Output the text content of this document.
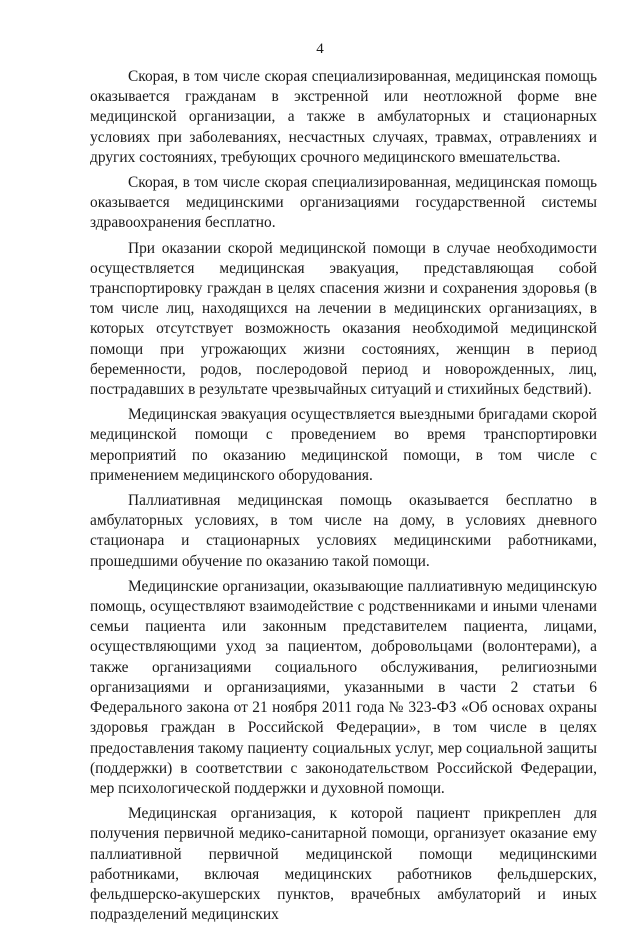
4

Скорая, в том числе скорая специализированная, медицинская помощь оказывается гражданам в экстренной или неотложной форме вне медицинской организации, а также в амбулаторных и стационарных условиях при заболеваниях, несчастных случаях, травмах, отравлениях и других состояниях, требующих срочного медицинского вмешательства.

Скорая, в том числе скорая специализированная, медицинская помощь оказывается медицинскими организациями государственной системы здравоохранения бесплатно.

При оказании скорой медицинской помощи в случае необходимости осуществляется медицинская эвакуация, представляющая собой транспортировку граждан в целях спасения жизни и сохранения здоровья (в том числе лиц, находящихся на лечении в медицинских организациях, в которых отсутствует возможность оказания необходимой медицинской помощи при угрожающих жизни состояниях, женщин в период беременности, родов, послеродовой период и новорожденных, лиц, пострадавших в результате чрезвычайных ситуаций и стихийных бедствий).

Медицинская эвакуация осуществляется выездными бригадами скорой медицинской помощи с проведением во время транспортировки мероприятий по оказанию медицинской помощи, в том числе с применением медицинского оборудования.

Паллиативная медицинская помощь оказывается бесплатно в амбулаторных условиях, в том числе на дому, в условиях дневного стационара и стационарных условиях медицинскими работниками, прошедшими обучение по оказанию такой помощи.

Медицинские организации, оказывающие паллиативную медицинскую помощь, осуществляют взаимодействие с родственниками и иными членами семьи пациента или законным представителем пациента, лицами, осуществляющими уход за пациентом, добровольцами (волонтерами), а также организациями социального обслуживания, религиозными организациями и организациями, указанными в части 2 статьи 6 Федерального закона от 21 ноября 2011 года № 323-ФЗ «Об основах охраны здоровья граждан в Российской Федерации», в том числе в целях предоставления такому пациенту социальных услуг, мер социальной защиты (поддержки) в соответствии с законодательством Российской Федерации, мер психологической поддержки и духовной помощи.

Медицинская организация, к которой пациент прикреплен для получения первичной медико-санитарной помощи, организует оказание ему паллиативной первичной медицинской помощи медицинскими работниками, включая медицинских работников фельдшерских, фельдшерско-акушерских пунктов, врачебных амбулаторий и иных подразделений медицинских
